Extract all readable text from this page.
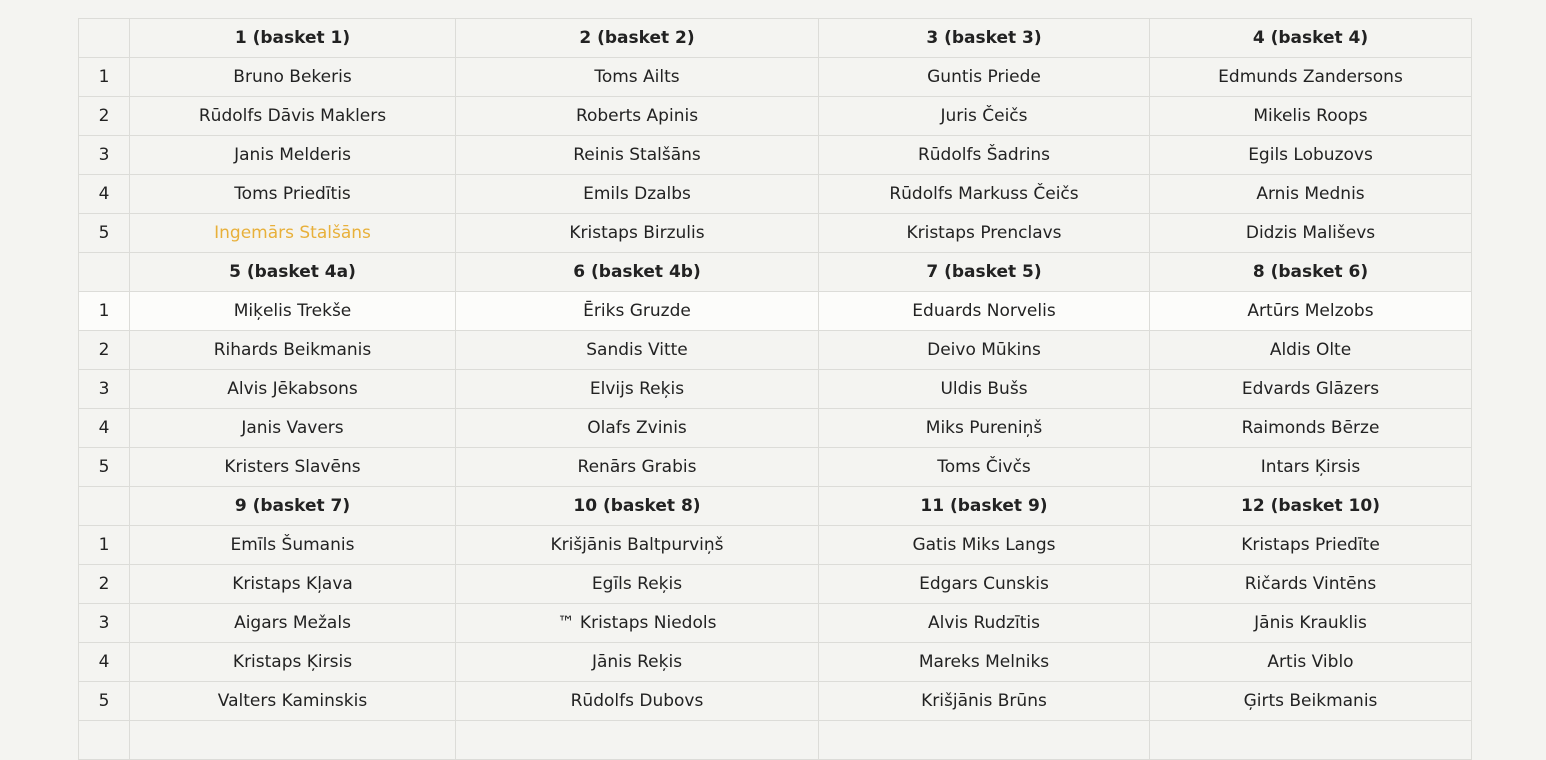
	1 (basket 1)	2 (basket 2)	3 (basket 3)	4 (basket 4)
1	Bruno Bekeris	Toms Ailts	Guntis Priede	Edmunds Zandersons
2	Rūdolfs Dāvis Maklers	Roberts Apinis	Juris Čeičs	Mikelis Roops
3	Janis Melderis	Reinis Stalšāns	Rūdolfs Šadrins	Egils Lobuzovs
4	Toms Priedītis	Emils Dzalbs	Rūdolfs Markuss Čeičs	Arnis Mednis
5	Ingemārs Stalšāns	Kristaps Birzulis	Kristaps Prenclavs	Didzis Mališevs
	5 (basket 4a)	6 (basket 4b)	7 (basket 5)	8 (basket 6)
1	Miķelis Trekše	Ēriks Gruzde	Eduards Norvelis	Artūrs Melzobs
2	Rihards Beikmanis	Sandis Vitte	Deivo Mūkins	Aldis Olte
3	Alvis Jēkabsons	Elvijs Reķis	Uldis Bušs	Edvards Glāzers
4	Janis Vavers	Olafs Zvinis	Miks Pureniņš	Raimonds Bērze
5	Kristers Slavēns	Renārs Grabis	Toms Čivčs	Intars Ķirsis
	9 (basket 7)	10 (basket 8)	11 (basket 9)	12 (basket 10)
1	Emīls Šumanis	Krišjānis Baltpurviņš	Gatis Miks Langs	Kristaps Priedīte
2	Kristaps Kļava	Egīls Reķis	Edgars Cunskis	Ričards Vintēns
3	Aigars Mežals	™ Kristaps Niedols	Alvis Rudzītis	Jānis Krauklis
4	Kristaps Ķirsis	Jānis Reķis	Mareks Melniks	Artis Viblo
5	Valters Kaminskis	Rūdolfs Dubovs	Krišjānis Brūns	Ģirts Beikmanis
